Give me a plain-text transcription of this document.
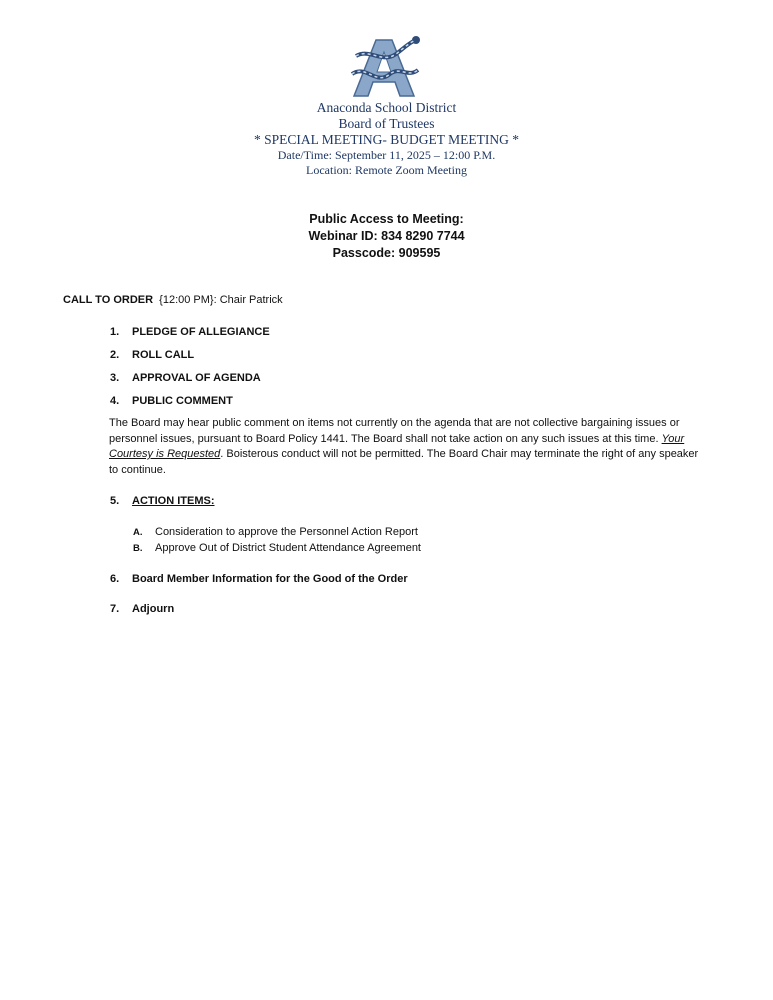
Anaconda School District
Board of Trustees
* SPECIAL MEETING- BUDGET MEETING *
Date/Time: September 11, 2025 – 12:00 P.M.
Location: Remote Zoom Meeting
Public Access to Meeting:
Webinar ID: 834 8290 7744
Passcode: 909595
CALL TO ORDER  {12:00 PM}: Chair Patrick
1. PLEDGE OF ALLEGIANCE
2. ROLL CALL
3. APPROVAL OF AGENDA
4. PUBLIC COMMENT
The Board may hear public comment on items not currently on the agenda that are not collective bargaining issues or personnel issues, pursuant to Board Policy 1441. The Board shall not take action on any such issues at this time. Your Courtesy is Requested. Boisterous conduct will not be permitted. The Board Chair may terminate the right of any speaker to continue.
5. ACTION ITEMS:
A. Consideration to approve the Personnel Action Report
B. Approve Out of District Student Attendance Agreement
6. Board Member Information for the Good of the Order
7. Adjourn
